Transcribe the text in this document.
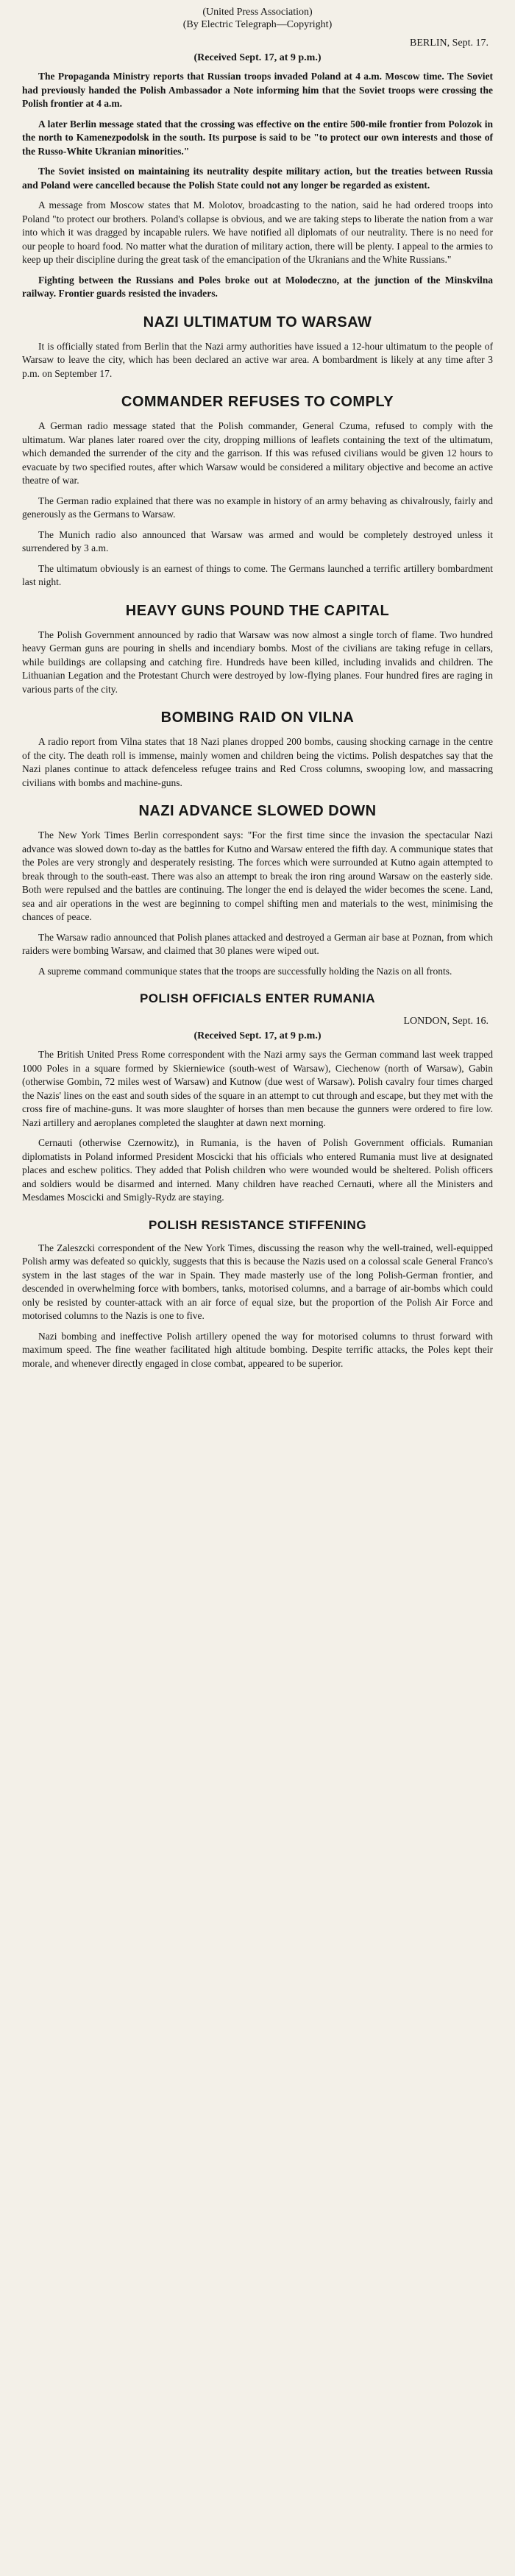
(United Press Association)
(By Electric Telegraph—Copyright)
BERLIN, Sept. 17.
(Received Sept. 17, at 9 p.m.)

The Propaganda Ministry reports that Russian troops invaded Poland at 4 a.m. Moscow time. The Soviet had previously handed the Polish Ambassador a Note informing him that the Soviet troops were crossing the Polish frontier at 4 a.m.

A later Berlin message stated that the crossing was effective on the entire 500-mile frontier from Polozok in the north to Kamenezpodolsk in the south. Its purpose is said to be "to protect our own interests and those of the Russo-White Ukranian minorities."

The Soviet insisted on maintaining its neutrality despite military action, but the treaties between Russia and Poland were cancelled because the Polish State could not any longer be regarded as existent.

A message from Moscow states that M. Molotov, broadcasting to the nation, said he had ordered troops into Poland "to protect our brothers. Poland's collapse is obvious, and we are taking steps to liberate the nation from a war into which it was dragged by incapable rulers. We have notified all diplomats of our neutrality. There is no need for our people to hoard food. No matter what the duration of military action, there will be plenty. I appeal to the armies to keep up their discipline during the great task of the emancipation of the Ukranians and the White Russians."

Fighting between the Russians and Poles broke out at Molodeczno, at the junction of the Minskvilna railway. Frontier guards resisted the invaders.

NAZI ULTIMATUM TO WARSAW

It is officially stated from Berlin that the Nazi army authorities have issued a 12-hour ultimatum to the people of Warsaw to leave the city, which has been declared an active war area. A bombardment is likely at any time after 3 p.m. on September 17.

COMMANDER REFUSES TO COMPLY

A German radio message stated that the Polish commander, General Czuma, refused to comply with the ultimatum. War planes later roared over the city, dropping millions of leaflets containing the text of the ultimatum, which demanded the surrender of the city and the garrison. If this was refused civilians would be given 12 hours to evacuate by two specified routes, after which Warsaw would be considered a military objective and become an active theatre of war.

The German radio explained that there was no example in history of an army behaving as chivalrously, fairly and generously as the Germans to Warsaw.

The Munich radio also announced that Warsaw was armed and would be completely destroyed unless it surrendered by 3 a.m.

The ultimatum obviously is an earnest of things to come. The Germans launched a terrific artillery bombardment last night.

HEAVY GUNS POUND THE CAPITAL

The Polish Government announced by radio that Warsaw was now almost a single torch of flame. Two hundred heavy German guns are pouring in shells and incendiary bombs. Most of the civilians are taking refuge in cellars, while buildings are collapsing and catching fire. Hundreds have been killed, including invalids and children. The Lithuanian Legation and the Protestant Church were destroyed by low-flying planes. Four hundred fires are raging in various parts of the city.

BOMBING RAID ON VILNA

A radio report from Vilna states that 18 Nazi planes dropped 200 bombs, causing shocking carnage in the centre of the city. The death roll is immense, mainly women and children being the victims. Polish despatches say that the Nazi planes continue to attack defenceless refugee trains and Red Cross columns, swooping low, and massacring civilians with bombs and machine-guns.

NAZI ADVANCE SLOWED DOWN

The New York Times Berlin correspondent says: "For the first time since the invasion the spectacular Nazi advance was slowed down to-day as the battles for Kutno and Warsaw entered the fifth day. A communique states that the Poles are very strongly and desperately resisting. The forces which were surrounded at Kutno again attempted to break through to the south-east. There was also an attempt to break the iron ring around Warsaw on the easterly side. Both were repulsed and the battles are continuing. The longer the end is delayed the wider becomes the scene. Land, sea and air operations in the west are beginning to compel shifting men and materials to the west, minimising the chances of peace.

The Warsaw radio announced that Polish planes attacked and destroyed a German air base at Poznan, from which raiders were bombing Warsaw, and claimed that 30 planes were wiped out.

A supreme command communique states that the troops are successfully holding the Nazis on all fronts.

POLISH OFFICIALS ENTER RUMANIA
LONDON, Sept. 16.
(Received Sept. 17, at 9 p.m.)

The British United Press Rome correspondent with the Nazi army says the German command last week trapped 1000 Poles in a square formed by Skierniewice (south-west of Warsaw), Ciechenow (north of Warsaw), Gabin (otherwise Gombin, 72 miles west of Warsaw) and Kutnow (due west of Warsaw). Polish cavalry four times charged the Nazis' lines on the east and south sides of the square in an attempt to cut through and escape, but they met with the cross fire of machine-guns. It was more slaughter of horses than men because the gunners were ordered to fire low. Nazi artillery and aeroplanes completed the slaughter at dawn next morning.

Cernauti (otherwise Czernowitz), in Rumania, is the haven of Polish Government officials. Rumanian diplomatists in Poland informed President Moscicki that his officials who entered Rumania must live at designated places and eschew politics. They added that Polish children who were wounded would be sheltered. Polish officers and soldiers would be disarmed and interned. Many children have reached Cernauti, where all the Ministers and Mesdames Moscicki and Smigly-Rydz are staying.

POLISH RESISTANCE STIFFENING

The Zaleszcki correspondent of the New York Times, discussing the reason why the well-trained, well-equipped Polish army was defeated so quickly, suggests that this is because the Nazis used on a colossal scale General Franco's system in the last stages of the war in Spain. They made masterly use of the long Polish-German frontier, and descended in overwhelming force with bombers, tanks, motorised columns, and a barrage of air-bombs which could only be resisted by counter-attack with an air force of equal size, but the proportion of the Polish Air Force and motorised columns to the Nazis is one to five.

Nazi bombing and ineffective Polish artillery opened the way for motorised columns to thrust forward with maximum speed. The fine weather facilitated high altitude bombing. Despite terrific attacks, the Poles kept their morale, and whenever directly engaged in close combat, appeared to be superior.
